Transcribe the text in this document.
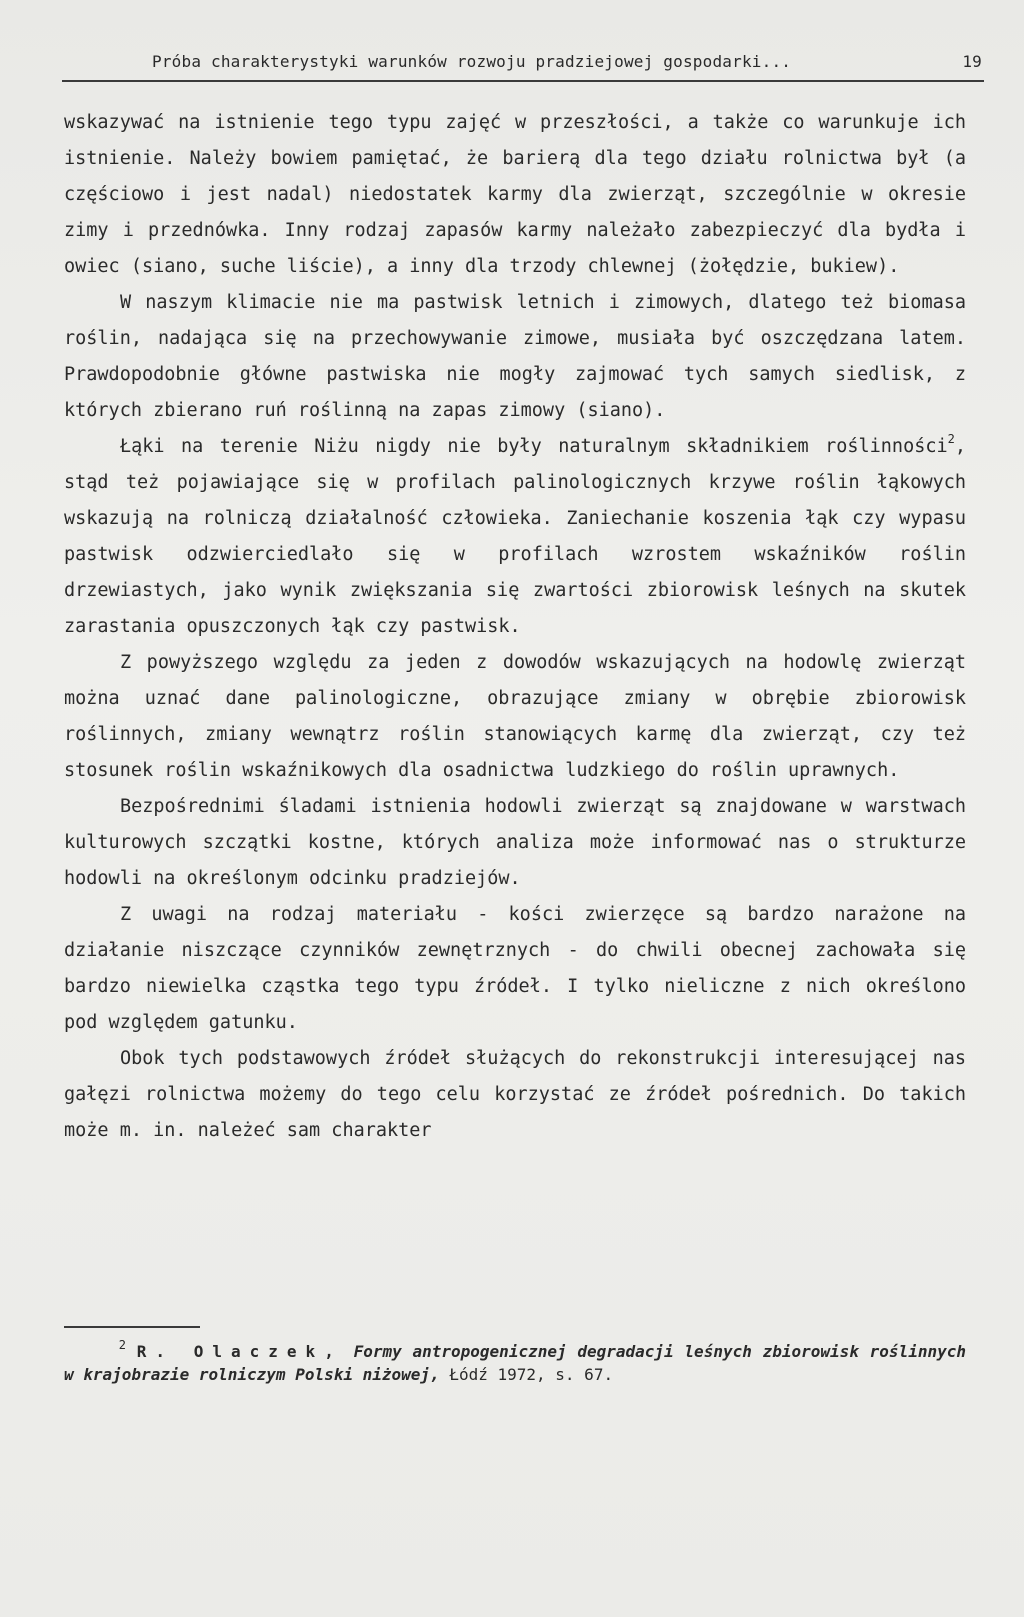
Próba charakterystyki warunków rozwoju pradziejowej gospodarki...	19

wskazywać na istnienie tego typu zajęć w przeszłości, a także co warunkuje ich istnienie. Należy bowiem pamiętać, że barierą dla tego działu rolnictwa był (a częściowo i jest nadal) niedostatek karmy dla zwierząt, szczególnie w okresie zimy i przednówka. Inny rodzaj zapasów karmy należało zabezpieczyć dla bydła i owiec (siano, suche liście), a inny dla trzody chlewnej (żołędzie, bukiew).

W naszym klimacie nie ma pastwisk letnich i zimowych, dlatego też biomasa roślin, nadająca się na przechowywanie zimowe, musiała być oszczędzana latem. Prawdopodobnie główne pastwiska nie mogły zajmować tych samych siedlisk, z których zbierano ruń roślinną na zapas zimowy (siano).

Łąki na terenie Niżu nigdy nie były naturalnym składnikiem roślinności$^2$, stąd też pojawiające się w profilach palinologicznych krzywe roślin łąkowych wskazują na rolniczą działalność człowieka. Zaniechanie koszenia łąk czy wypasu pastwisk odzwierciedlało się w profilach wzrostem wskaźników roślin drzewiastych, jako wynik zwiększania się zwartości zbiorowisk leśnych na skutek zarastania opuszczonych łąk czy pastwisk.

Z powyższego względu za jeden z dowodów wskazujących na hodowlę zwierząt można uznać dane palinologiczne, obrazujące zmiany w obrębie zbiorowisk roślinnych, zmiany wewnątrz roślin stanowiących karmę dla zwierząt, czy też stosunek roślin wskaźnikowych dla osadnictwa ludzkiego do roślin uprawnych.

Bezpośrednimi śladami istnienia hodowli zwierząt są znajdowane w warstwach kulturowych szczątki kostne, których analiza może informować nas o strukturze hodowli na określonym odcinku pradziejów.

Z uwagi na rodzaj materiału - kości zwierzęce są bardzo narażone na działanie niszczące czynników zewnętrznych - do chwili obecnej zachowała się bardzo niewielka cząstka tego typu źródeł. I tylko nieliczne z nich określono pod względem gatunku.

Obok tych podstawowych źródeł służących do rekonstrukcji interesującej nas gałęzi rolnictwa możemy do tego celu korzystać ze źródeł pośrednich. Do takich może m. in. należeć sam charakter

2 R. Olaczek, Formy antropogenicznej degradacji leśnych zbiorowisk roślinnych w krajobrazie rolniczym Polski niżowej, Łódź 1972, s. 67.
